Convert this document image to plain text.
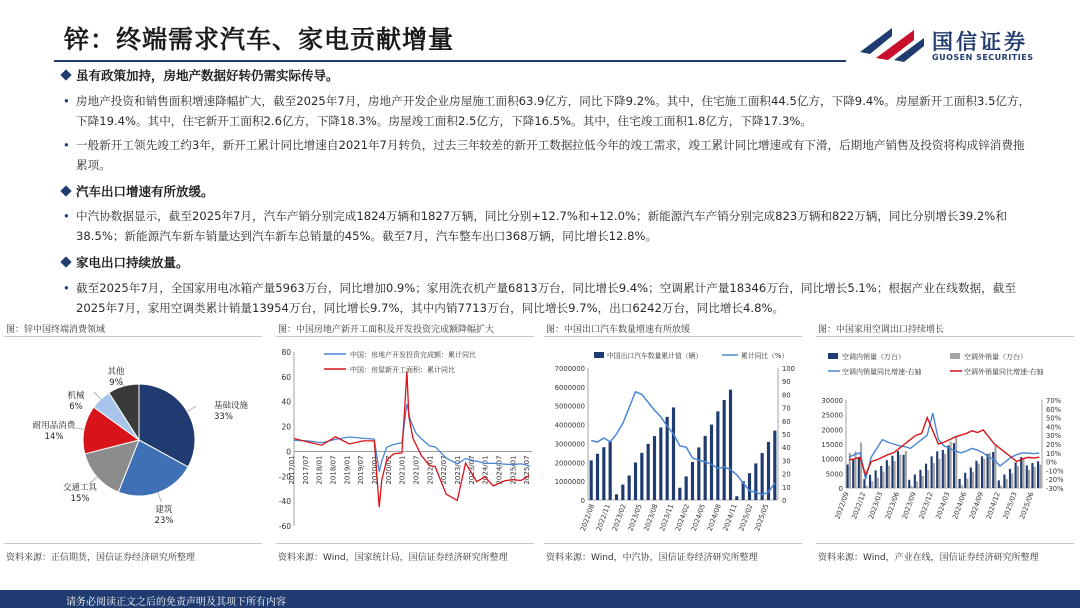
锌：终端需求汽车、家电贡献增量	国信证券
GUOSEN SECURITIES
虽有政策加持，房地产数据好转仍需实际传导。
• 房地产投资和销售面积增速降幅扩大，截至2025年7月，房地产开发企业房屋施工面积63.9亿方，同比下降9.2%。其中，住宅施工面积44.5亿方，下降9.4%。房屋新开工面积3.5亿方，下降19.4%。其中，住宅新开工面积2.6亿方，下降18.3%。房屋竣工面积2.5亿方，下降16.5%。其中，住宅竣工面积1.8亿方，下降17.3%。
• 一般新开工领先竣工约3年，新开工累计同比增速自2021年7月转负，过去三年较差的新开工数据拉低今年的竣工需求，竣工累计同比增速或有下滑，后期地产销售及投资将构成锌消费拖累项。
汽车出口增速有所放缓。
• 中汽协数据显示，截至2025年7月，汽车产销分别完成1824万辆和1827万辆，同比分别+12.7%和+12.0%；新能源汽车产销分别完成823万辆和822万辆，同比分别增长39.2%和38.5%；新能源汽车新车销量达到汽车新车总销量的45%。截至7月，汽车整车出口368万辆，同比增长12.8%。
家电出口持续放量。
• 截至2025年7月，全国家用电冰箱产量5963万台，同比增加0.9%；家用洗衣机产量6813万台，同比增长9.4%；空调累计产量18346万台，同比增长5.1%；根据产业在线数据，截至2025年7月，家用空调类累计销量13954万台，同比增长9.7%，其中内销7713万台，同比增长9.7%，出口6242万台，同比增长4.8%。
图：锌中国终端消费领域	图：中国房地产新开工面积及开发投资完成额降幅扩大	图：中国出口汽车数量增速有所放缓	图：中国家用空调出口持续增长
资料来源：正信期货，国信证券经济研究所整理	资料来源：Wind，国家统计局，国信证券经济研究所整理	资料来源：Wind，中汽协，国信证券经济研究所整理	资料来源：Wind，产业在线，国信证券经济研究所整理
基础设施
33%
建筑
23%
交通工具
15%
耐用品消费
14%
机械
6%
其他
9%
80
60
40
20
0
-20
-40
-60
2017/01 2017/07 2018/01 2018/07 2019/01 2019/07 2020/01 2020/07 2021/01 2021/07 2022/01 2022/07 2023/01 2023/07 2024/01 2024/07 2025/01 2025/07
中国：房地产开发投资完成额：累计同比
中国：房屋新开工面积：累计同比	7000000
6000000
5000000
4000000
3000000
2000000
1000000
0
100
90
80
70
60
50
40
30
20
10
0
2022/08
2022/11
2023/02
2023/05
2023/08
2023/11
2024/02
2024/05
2024/08
2024/11
2025/02
2025/05
中国出口汽车数量累计值（辆）	累计同比（%）
30000
25000
20000
15000
10000
5000
0
70%
60%
50%
40%
30%
20%
10%
0%
-10%
-20%
-30%
2022/09 2022/12 2023/03 2023/06 2023/09 2023/12 2024/03 2024/06 2024/09 2024/12 2025/03 2025/06
空调内销量（万台）	空调外销量（万台）
空调内销量同比增速-右轴	空调外销量同比增速-右轴
请务必阅读正文之后的免责声明及其项下所有内容
